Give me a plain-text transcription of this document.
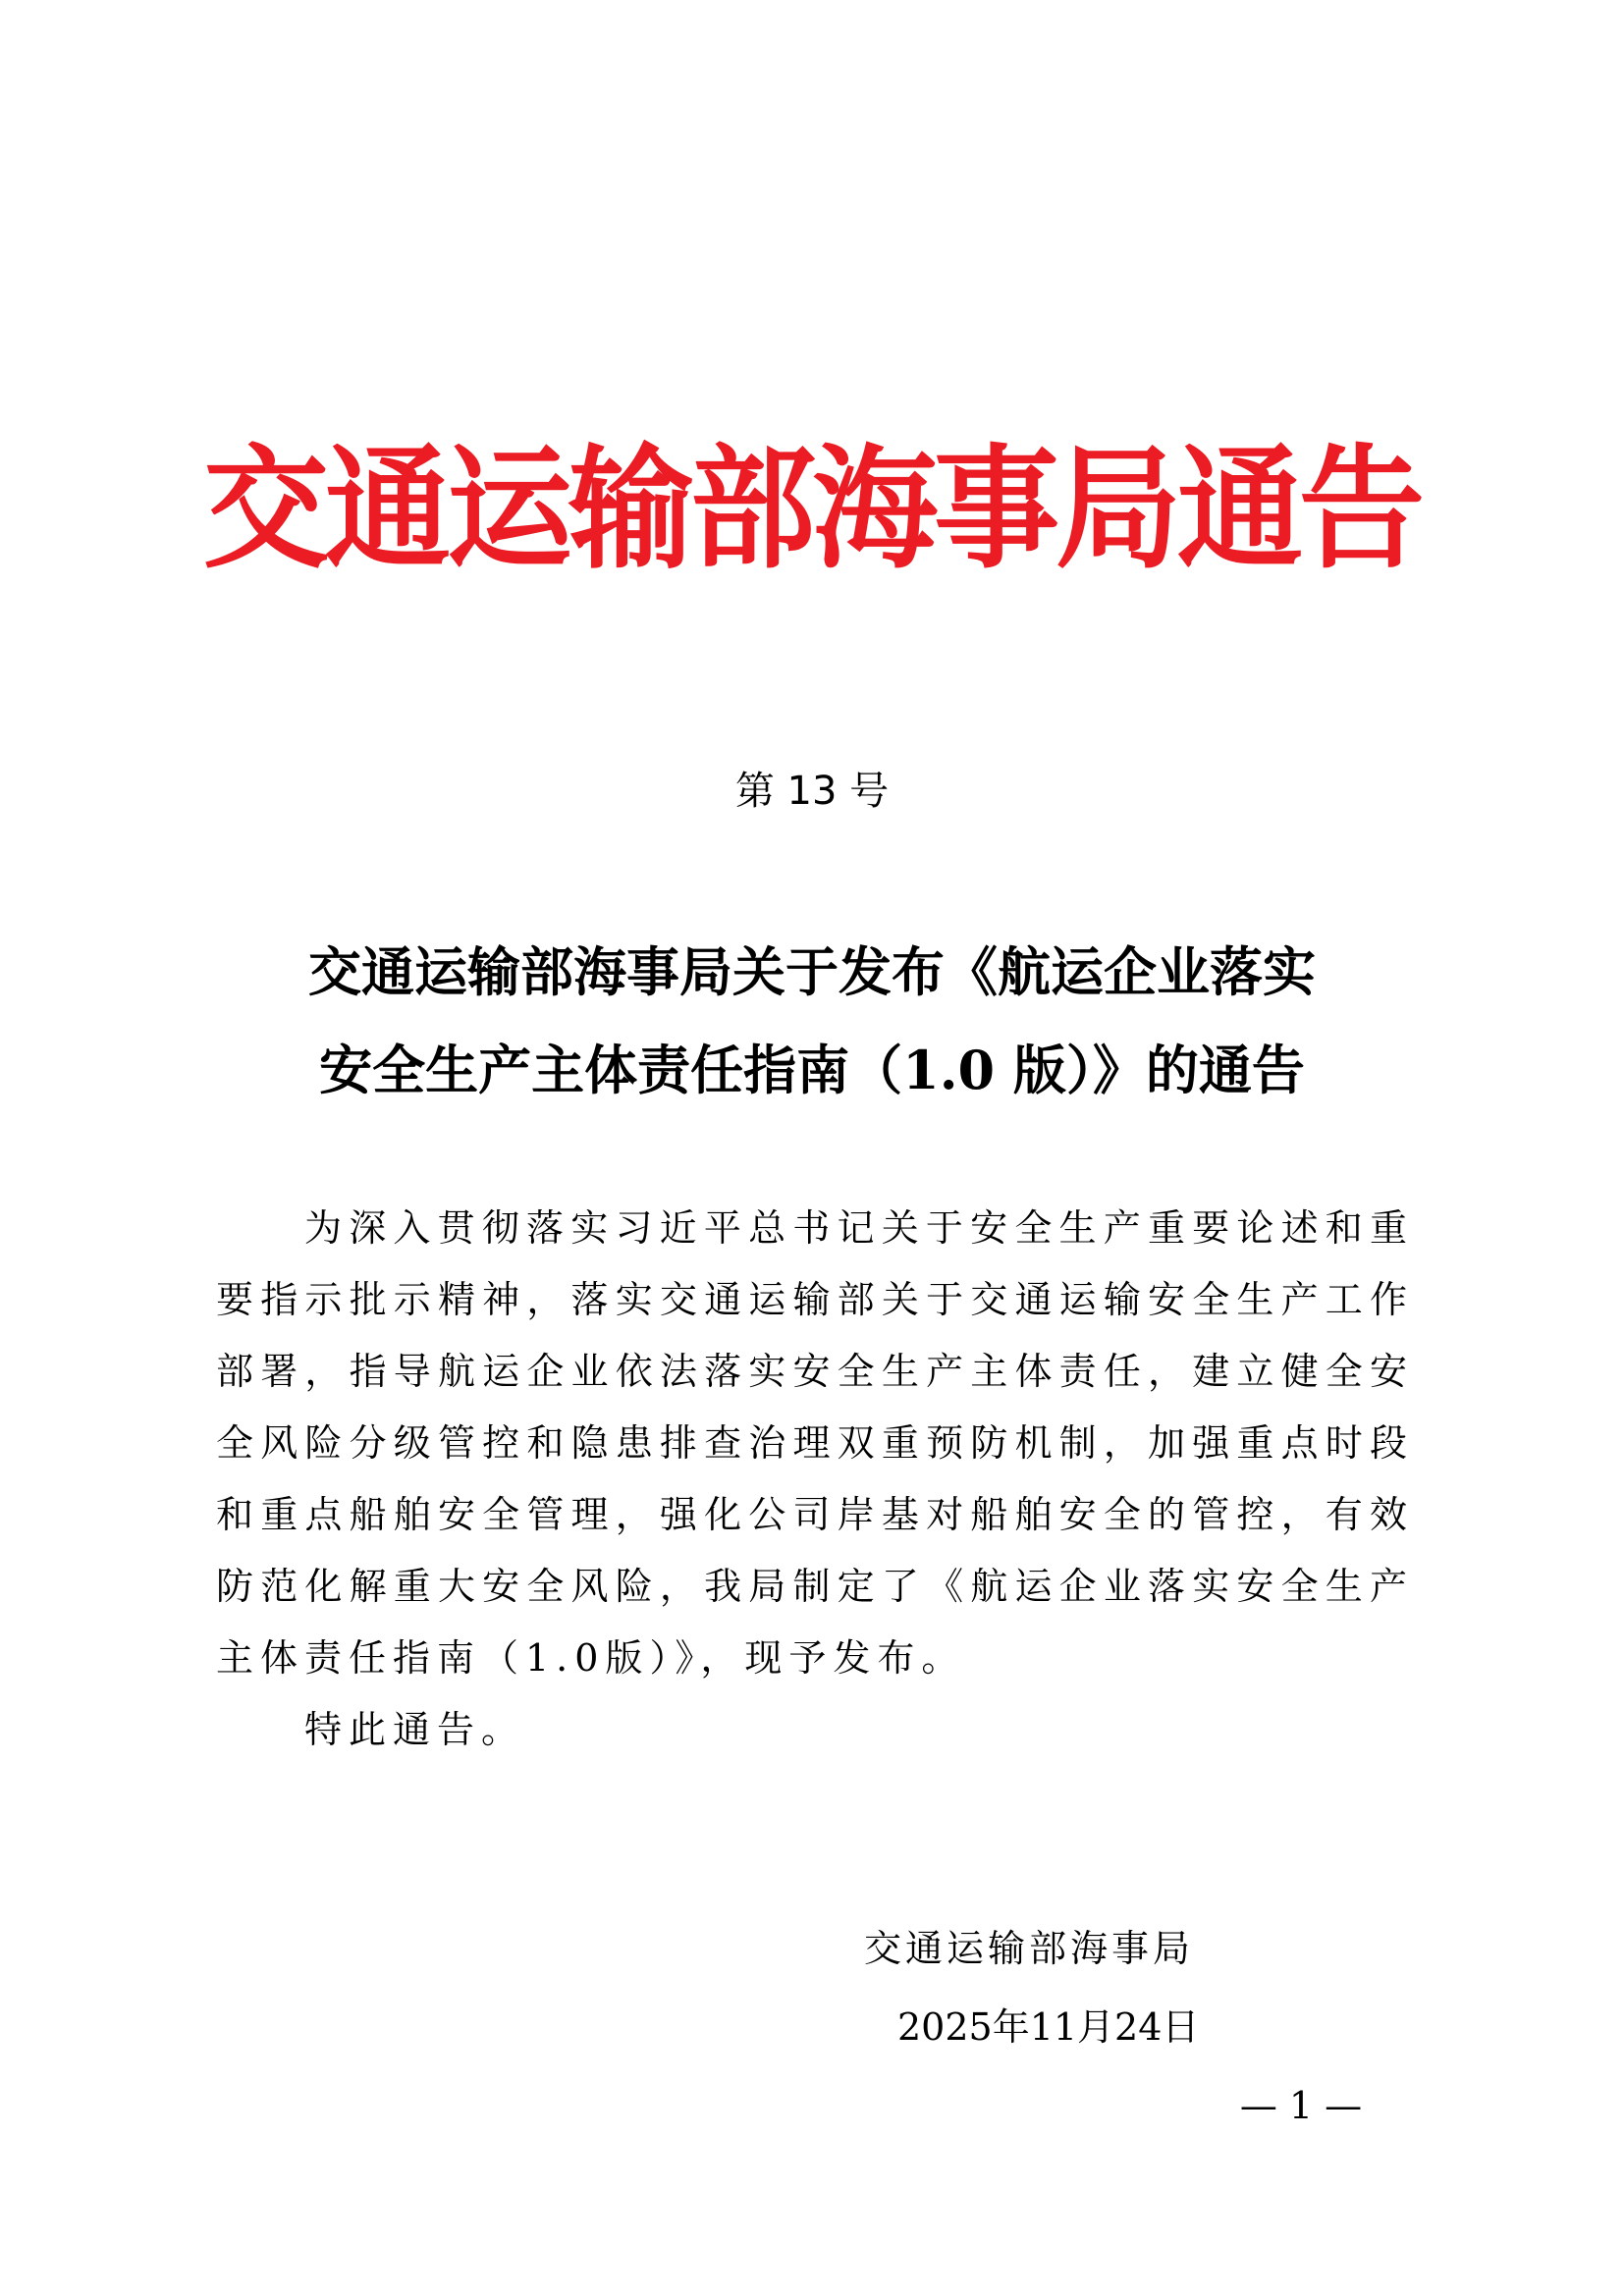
交通运输部海事局通告
第 13 号
交通运输部海事局关于发布《航运企业落实
安全生产主体责任指南（1.0 版）》的通告

为深入贯彻落实习近平总书记关于安全生产重要论述和重要指示批示精神，落实交通运输部关于交通运输安全生产工作部署，指导航运企业依法落实安全生产主体责任，建立健全安全风险分级管控和隐患排查治理双重预防机制，加强重点时段和重点船舶安全管理，强化公司岸基对船舶安全的管控，有效防范化解重大安全风险，我局制定了《航运企业落实安全生产主体责任指南（1.0版）》，现予发布。

特此通告。

交通运输部海事局
2025年11月24日
— 1 —
